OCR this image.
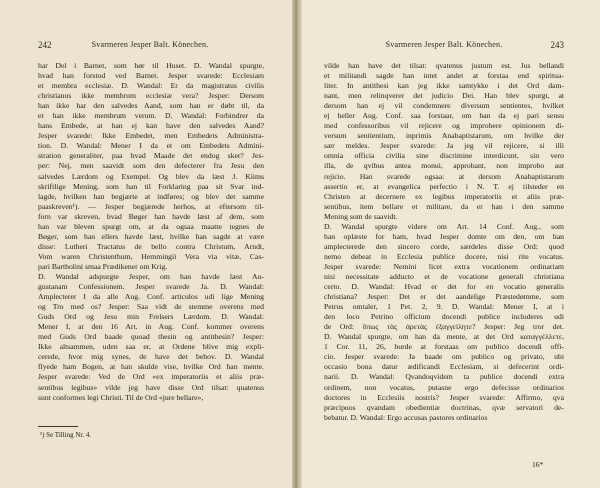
242	Svarmeren Jesper Balt. Könechen.
har Del i Barnet, som hør til Huset. D. Wandal spurgte,
hvad han forstod ved Barnet. Jesper svarede: Ecclesiam
et membra ecclesiæ. D. Wandal: Er da magistratus civilis
christianus ikke membrum ecclesiæ vera? Jesper: Dersom
han ikke har den salvedes Aand, som han er døbt til, da
er han ikke membrum verum. D. Wandal: Forbindrer da
hans Embede, at han ej kan have den salvedes Aand?
Jesper svarede: Ikke Embedet, men Embedets Administra-
tion. D. Wandal: Mener I da et om Embedets Admini-
stration generaliter, paa hvad Maade det endog sker? Jes-
per: Nej, men saavidt som den defecterer fra Jesu den
salvedes Lærdom og Exempel. Og blev da læst J. Kiims
skriftlige Mening, som han til Forklaring paa sit Svar ind-
lagde, hvilken han begjærte at indføres; og blev det samme
paaskreven¹). — Jesper begjærede herhos, at eftersom til-
forn var skreven, hvad Bøger han havde læst af dem, som
han var bleven spurgt om, at da ogsaa maatte tegnes de
Bøger, som han ellers havde læst, hvilke han sagde at være
disse: Lutheri Tractatus de bello contra Christum, Arndt,
Vom waren Christenthum, Hemmingii Vera via vitæ, Cas-
pari Bartholini smaa Prædikener om Krig.
D. Wandal adspurgte Jesper, om han havde læst Au-
gustanam Confessionem. Jesper svarede Ja. D. Wandal:
Amplecterer I da alle Aug. Conf. articulos udi lige Mening
og Tro med os? Jesper: Saa vidt de stemme overens med
Guds Ord og Jesu min Frelsers Lærdom. D. Wandal:
Mener I, at den 16 Art. in Aug. Conf. kommer overens
med Guds Ord baade quoad thesin og antithesin? Jesper:
Ikke altsammen, uden saa er, at Ordene blive mig expli-
cerede, hvor mig synes, de have det behov. D. Wandal
flyede ham Bogen, at han skulde vise, hvilke Ord han mente.
Jesper svarede: Ved de Ord «ex imperatoriis et aliis præ-
sentibus legibus» vilde jeg have disse Ord tilsat: quatenus
sunt conformes legi Christi. Til de Ord «jure bellare»,
¹) Se Tilling Nr. 4.
Svarmeren Jesper Balt. Könechen.	243
vilde han have det tilsat: qvatenus justum est. Jus bellandi
et militandi sagde han intet andet at forstaa end spiritua-
liter. In antithesi kan jeg ikke samtykke i det Ord dam-
nant, men relinqverer det judicio Dei. Han blev spurgt, at
dersom han ej vil condemnere diversum sentientes, hvilket
ej heller Aug. Conf. saa forstaar, om han da ej pari sensu
med confessoribus vil rejicere og improbere opinionem di-
versum sentientium, inprimis Anabaptistarum, om hvilke der
sær meldes. Jesper svarede: Ja jeg vil rejicere, si illi
omnia officia civilia sine discrimine interdicunt, sin vero
illa, de qvibus antea monui, approbant, non improbo aut
rejicio. Han svarede ogsaa: at dersom Anabaptistarum
assertio er, at evangelica perfectio i N. T. ej tilsteder en
Christen at decernere ex legibus imperatoriis et aliis præ-
sentibus, item bellare et militare, da er han i den samme
Mening som de saavidt.
D. Wandal spurgte videre om Art. 14 Conf. Aug., som
han oplæste for ham, hvad Jesper domte om den, om han
amplecterede den sincero corde, særdeles disse Ord: quod
nemo debeat in Ecclesia publice docere, nisi rite vocatus.
Jesper svarede: Nemini licet extra vocationem ordinariam
nisi necessitate adducto et de vocatione generali christiana
certo. D. Wandal: Hvad er det for en vocatio generalis
christiana? Jesper: Det er det aandelige Præstedømme, som
Petrus omtaler, 1 Pet. 2, 9. D. Wandal: Mener I, at i
den loco Petrino officium docendi publice includeres udi
de Ord: ὅπως τὰς ἀρετὰς ἐξαγγείλητε? Jesper: Jeg tror det.
D. Wandal spurgte, om han da mente, at det Ord καταγγέλλετε,
1 Cor. 11, 26, burde at forstaas om publico docendi offi-
cio. Jesper svarede: Ja baade om publico og privato, ubi
occasio bona datur ædificandi Ecclesiam, si defecerint ordi-
narii. D. Wandal: Qvandoqvidem ta publice docendi extra
ordinem, non vocatus, putasne ergo defecisse ordinarios
doctores in Ecclesiis nostris? Jesper svarede: Affirmo, qva
præcipuos qvandam obedientiæ doctrinas, qvæ servatori de-
bebatur. D. Wandal: Ergo accusas pastores ordinarios
16*
